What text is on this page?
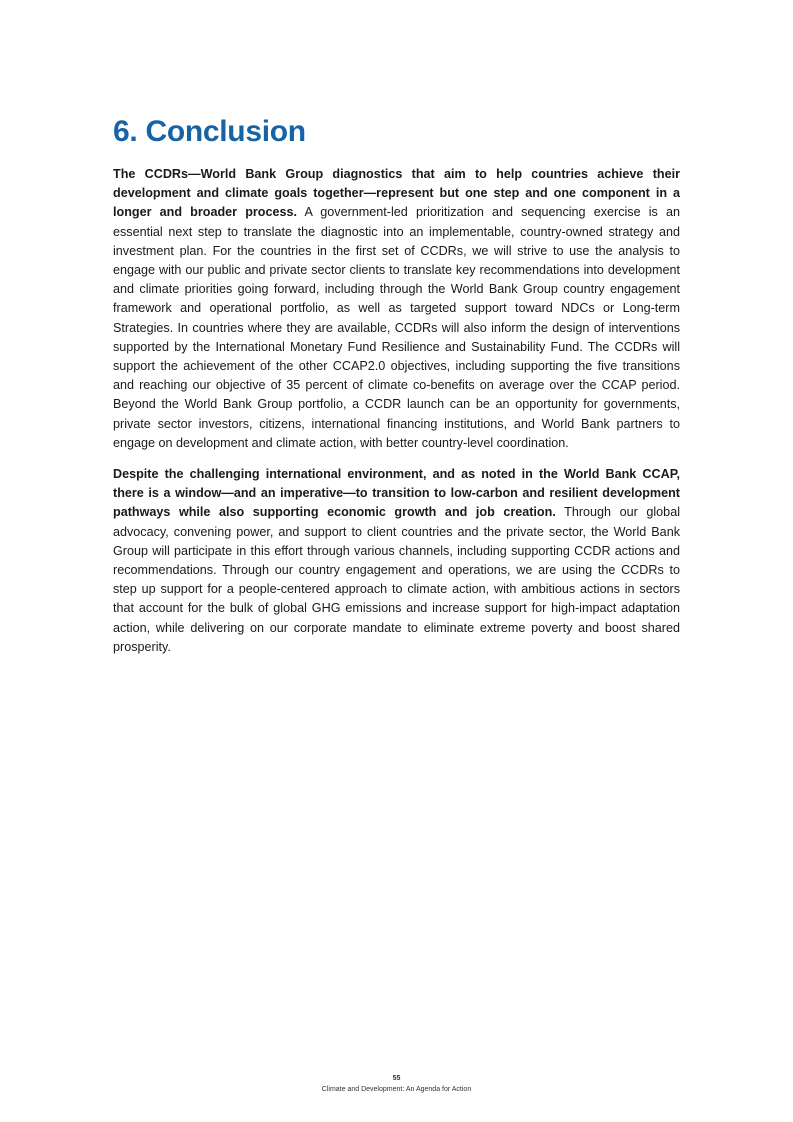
6. Conclusion

The CCDRs—World Bank Group diagnostics that aim to help countries achieve their development and climate goals together—represent but one step and one component in a longer and broader process. A government-led prioritization and sequencing exercise is an essential next step to translate the diagnostic into an implementable, country-owned strategy and investment plan. For the countries in the first set of CCDRs, we will strive to use the analysis to engage with our public and private sector clients to translate key recommendations into development and climate priorities going forward, including through the World Bank Group country engagement framework and operational portfolio, as well as targeted support toward NDCs or Long-term Strategies. In countries where they are available, CCDRs will also inform the design of interventions supported by the International Monetary Fund Resilience and Sustainability Fund. The CCDRs will support the achievement of the other CCAP2.0 objectives, including supporting the five transitions and reaching our objective of 35 percent of climate co-benefits on average over the CCAP period. Beyond the World Bank Group portfolio, a CCDR launch can be an opportunity for governments, private sector investors, citizens, international financing institutions, and World Bank partners to engage on development and climate action, with better country-level coordination.

Despite the challenging international environment, and as noted in the World Bank CCAP, there is a window—and an imperative—to transition to low-carbon and resilient development pathways while also supporting economic growth and job creation. Through our global advocacy, convening power, and support to client countries and the private sector, the World Bank Group will participate in this effort through various channels, including supporting CCDR actions and recommendations. Through our country engagement and operations, we are using the CCDRs to step up support for a people-centered approach to climate action, with ambitious actions in sectors that account for the bulk of global GHG emissions and increase support for high-impact adaptation action, while delivering on our corporate mandate to eliminate extreme poverty and boost shared prosperity.

55
Climate and Development: An Agenda for Action
